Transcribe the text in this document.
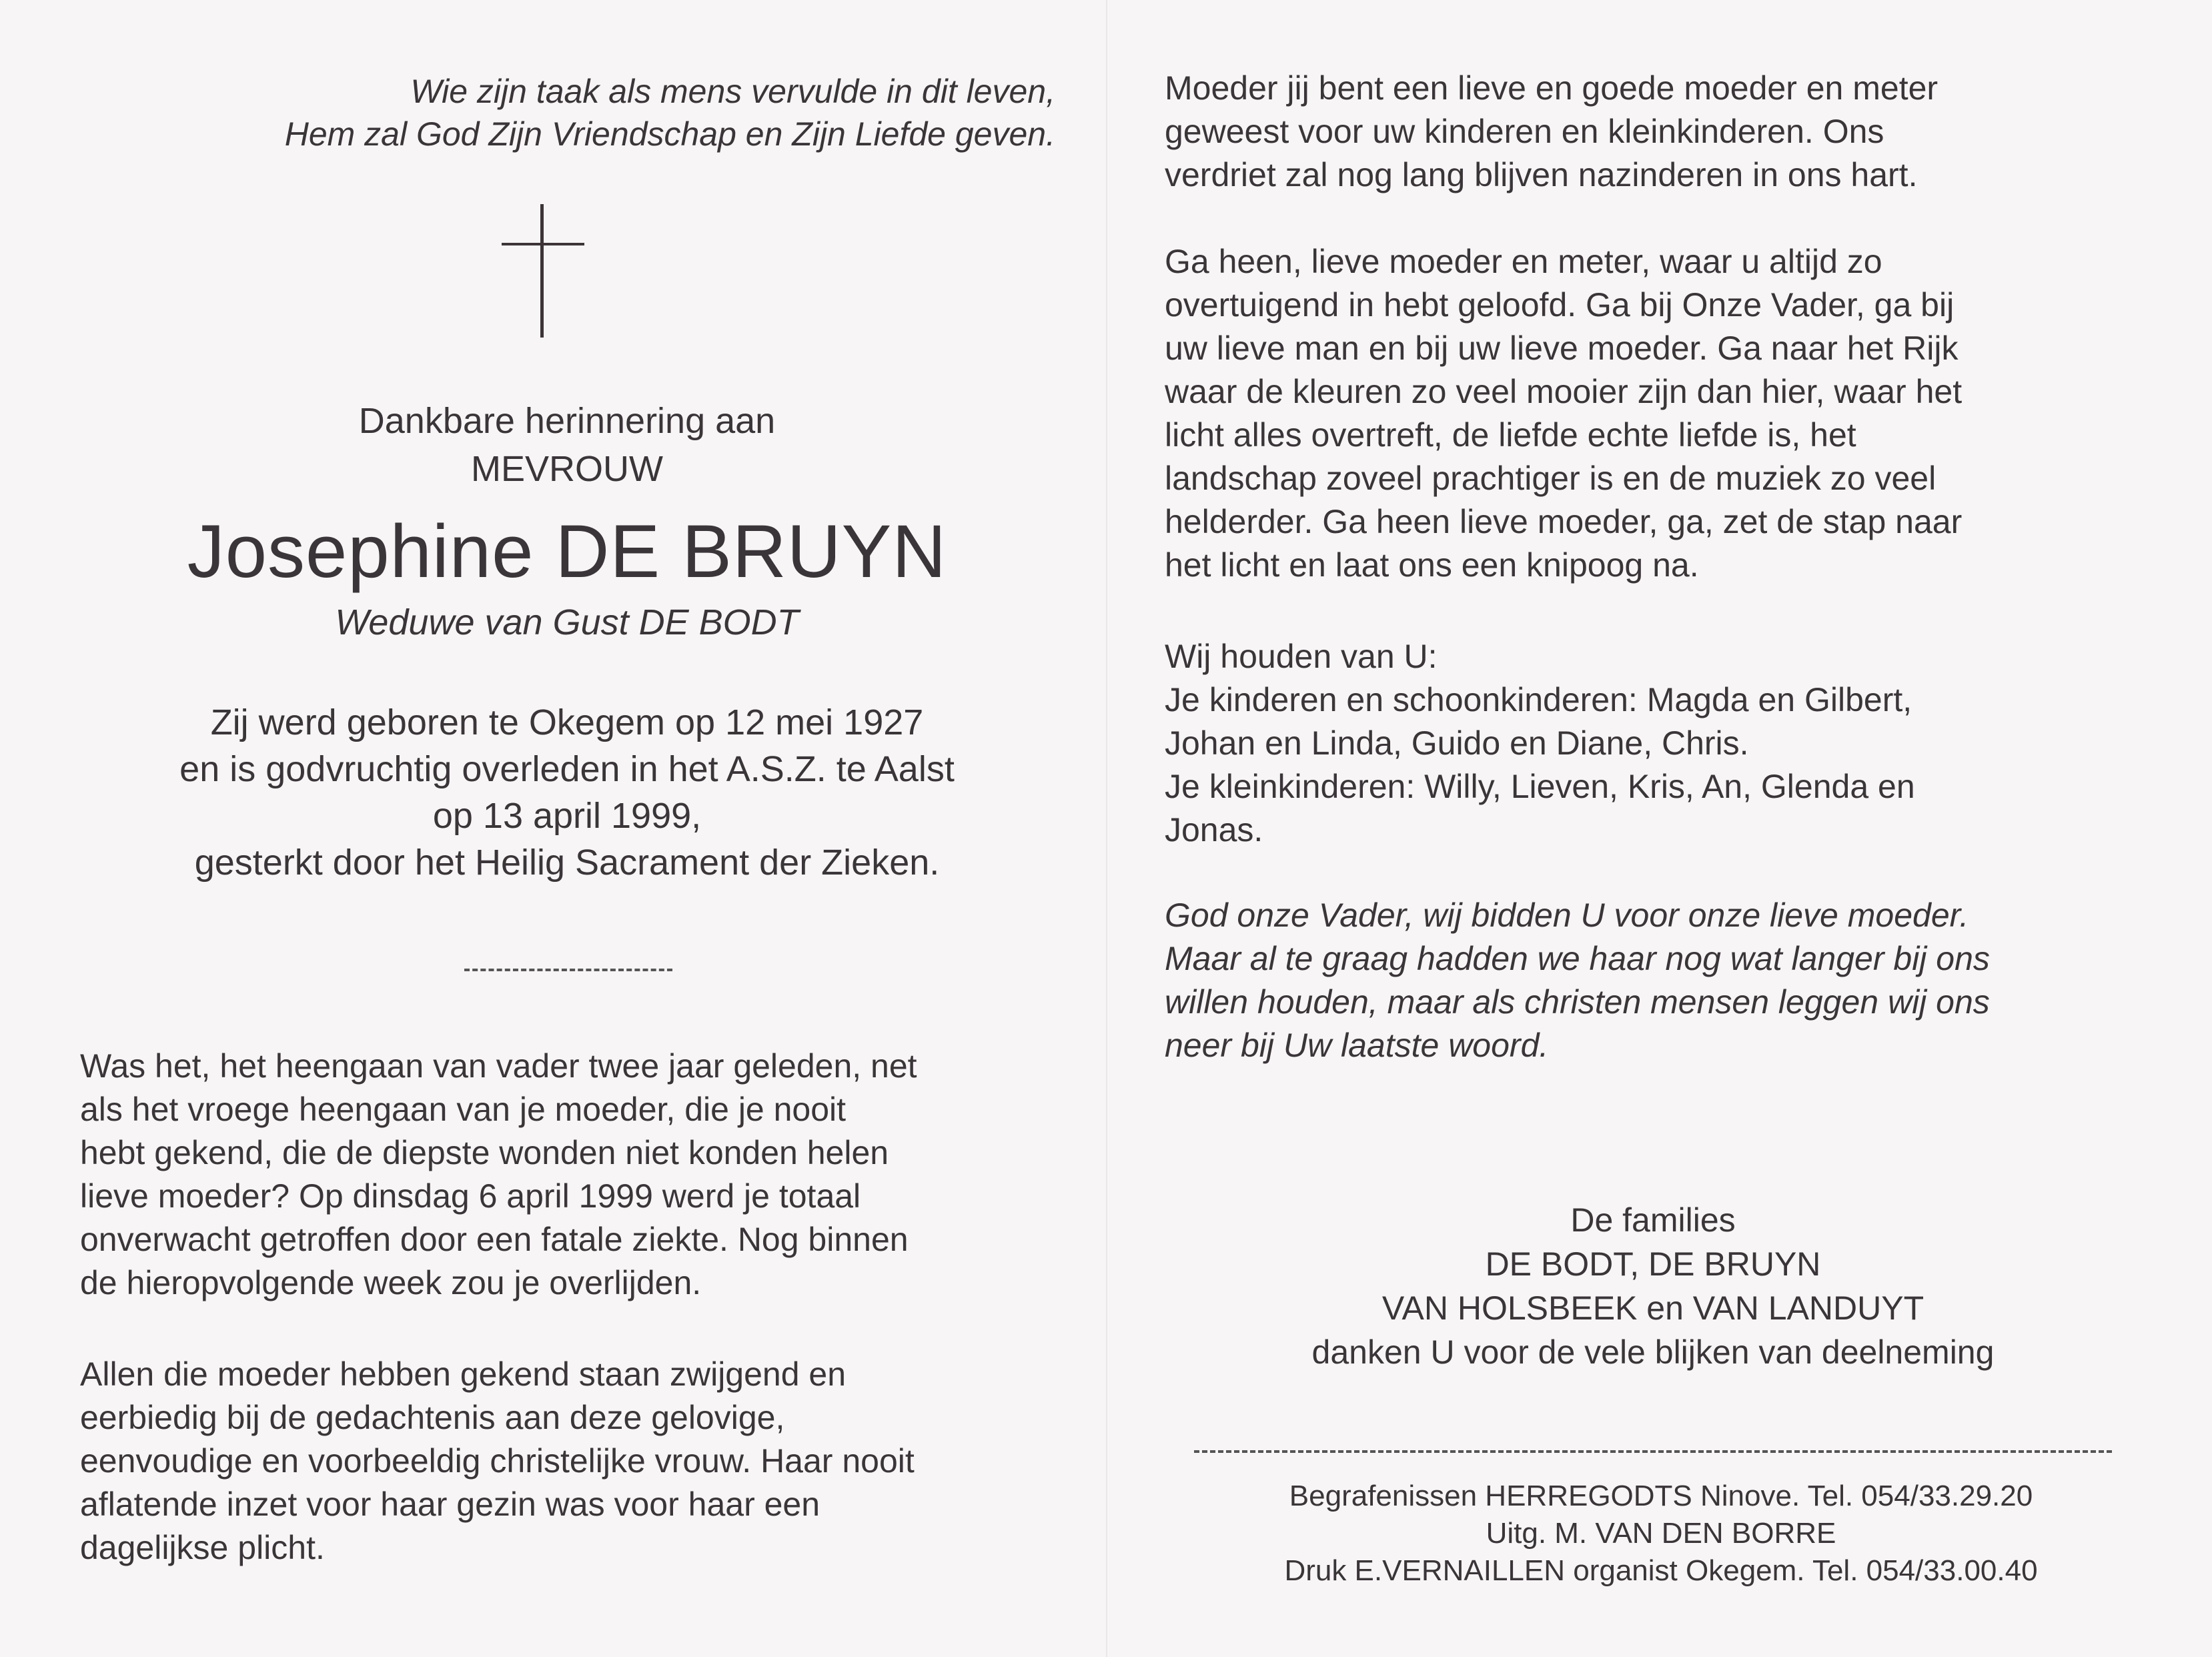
Wie zijn taak als mens vervulde in dit leven,
Hem zal God Zijn Vriendschap en Zijn Liefde geven.
Dankbare herinnering aan
MEVROUW
Josephine DE BRUYN
Weduwe van Gust DE BODT
Zij werd geboren te Okegem op 12 mei 1927
en is godvruchtig overleden in het A.S.Z. te Aalst
op 13 april 1999,
gesterkt door het Heilig Sacrament der Zieken.
Was het, het heengaan van vader twee jaar geleden, net
als het vroege heengaan van je moeder, die je nooit
hebt gekend, die de diepste wonden niet konden helen
lieve moeder? Op dinsdag 6 april 1999 werd je totaal
onverwacht getroffen door een fatale ziekte. Nog binnen
de hieropvolgende week zou je overlijden.
Allen die moeder hebben gekend staan zwijgend en
eerbiedig bij de gedachtenis aan deze gelovige,
eenvoudige en voorbeeldig christelijke vrouw. Haar nooit
aflatende inzet voor haar gezin was voor haar een
dagelijkse plicht.
Moeder jij bent een lieve en goede moeder en meter
geweest voor uw kinderen en kleinkinderen. Ons
verdriet zal nog lang blijven nazinderen in ons hart.
Ga heen, lieve moeder en meter, waar u altijd zo
overtuigend in hebt geloofd. Ga bij Onze Vader, ga bij
uw lieve man en bij uw lieve moeder. Ga naar het Rijk
waar de kleuren zo veel mooier zijn dan hier, waar het
licht alles overtreft, de liefde echte liefde is, het
landschap zoveel prachtiger is en de muziek zo veel
helderder. Ga heen lieve moeder, ga, zet de stap naar
het licht en laat ons een knipoog na.
Wij houden van U:
Je kinderen en schoonkinderen: Magda en Gilbert,
Johan en Linda, Guido en Diane, Chris.
Je kleinkinderen: Willy, Lieven, Kris, An, Glenda en
Jonas.
God onze Vader, wij bidden U voor onze lieve moeder.
Maar al te graag hadden we haar nog wat langer bij ons
willen houden, maar als christen mensen leggen wij ons
neer bij Uw laatste woord.
De families
DE BODT, DE BRUYN
VAN HOLSBEEK en VAN LANDUYT
danken U voor de vele blijken van deelneming
Begrafenissen HERREGODTS Ninove. Tel. 054/33.29.20
Uitg. M. VAN DEN BORRE
Druk E.VERNAILLEN organist Okegem. Tel. 054/33.00.40
